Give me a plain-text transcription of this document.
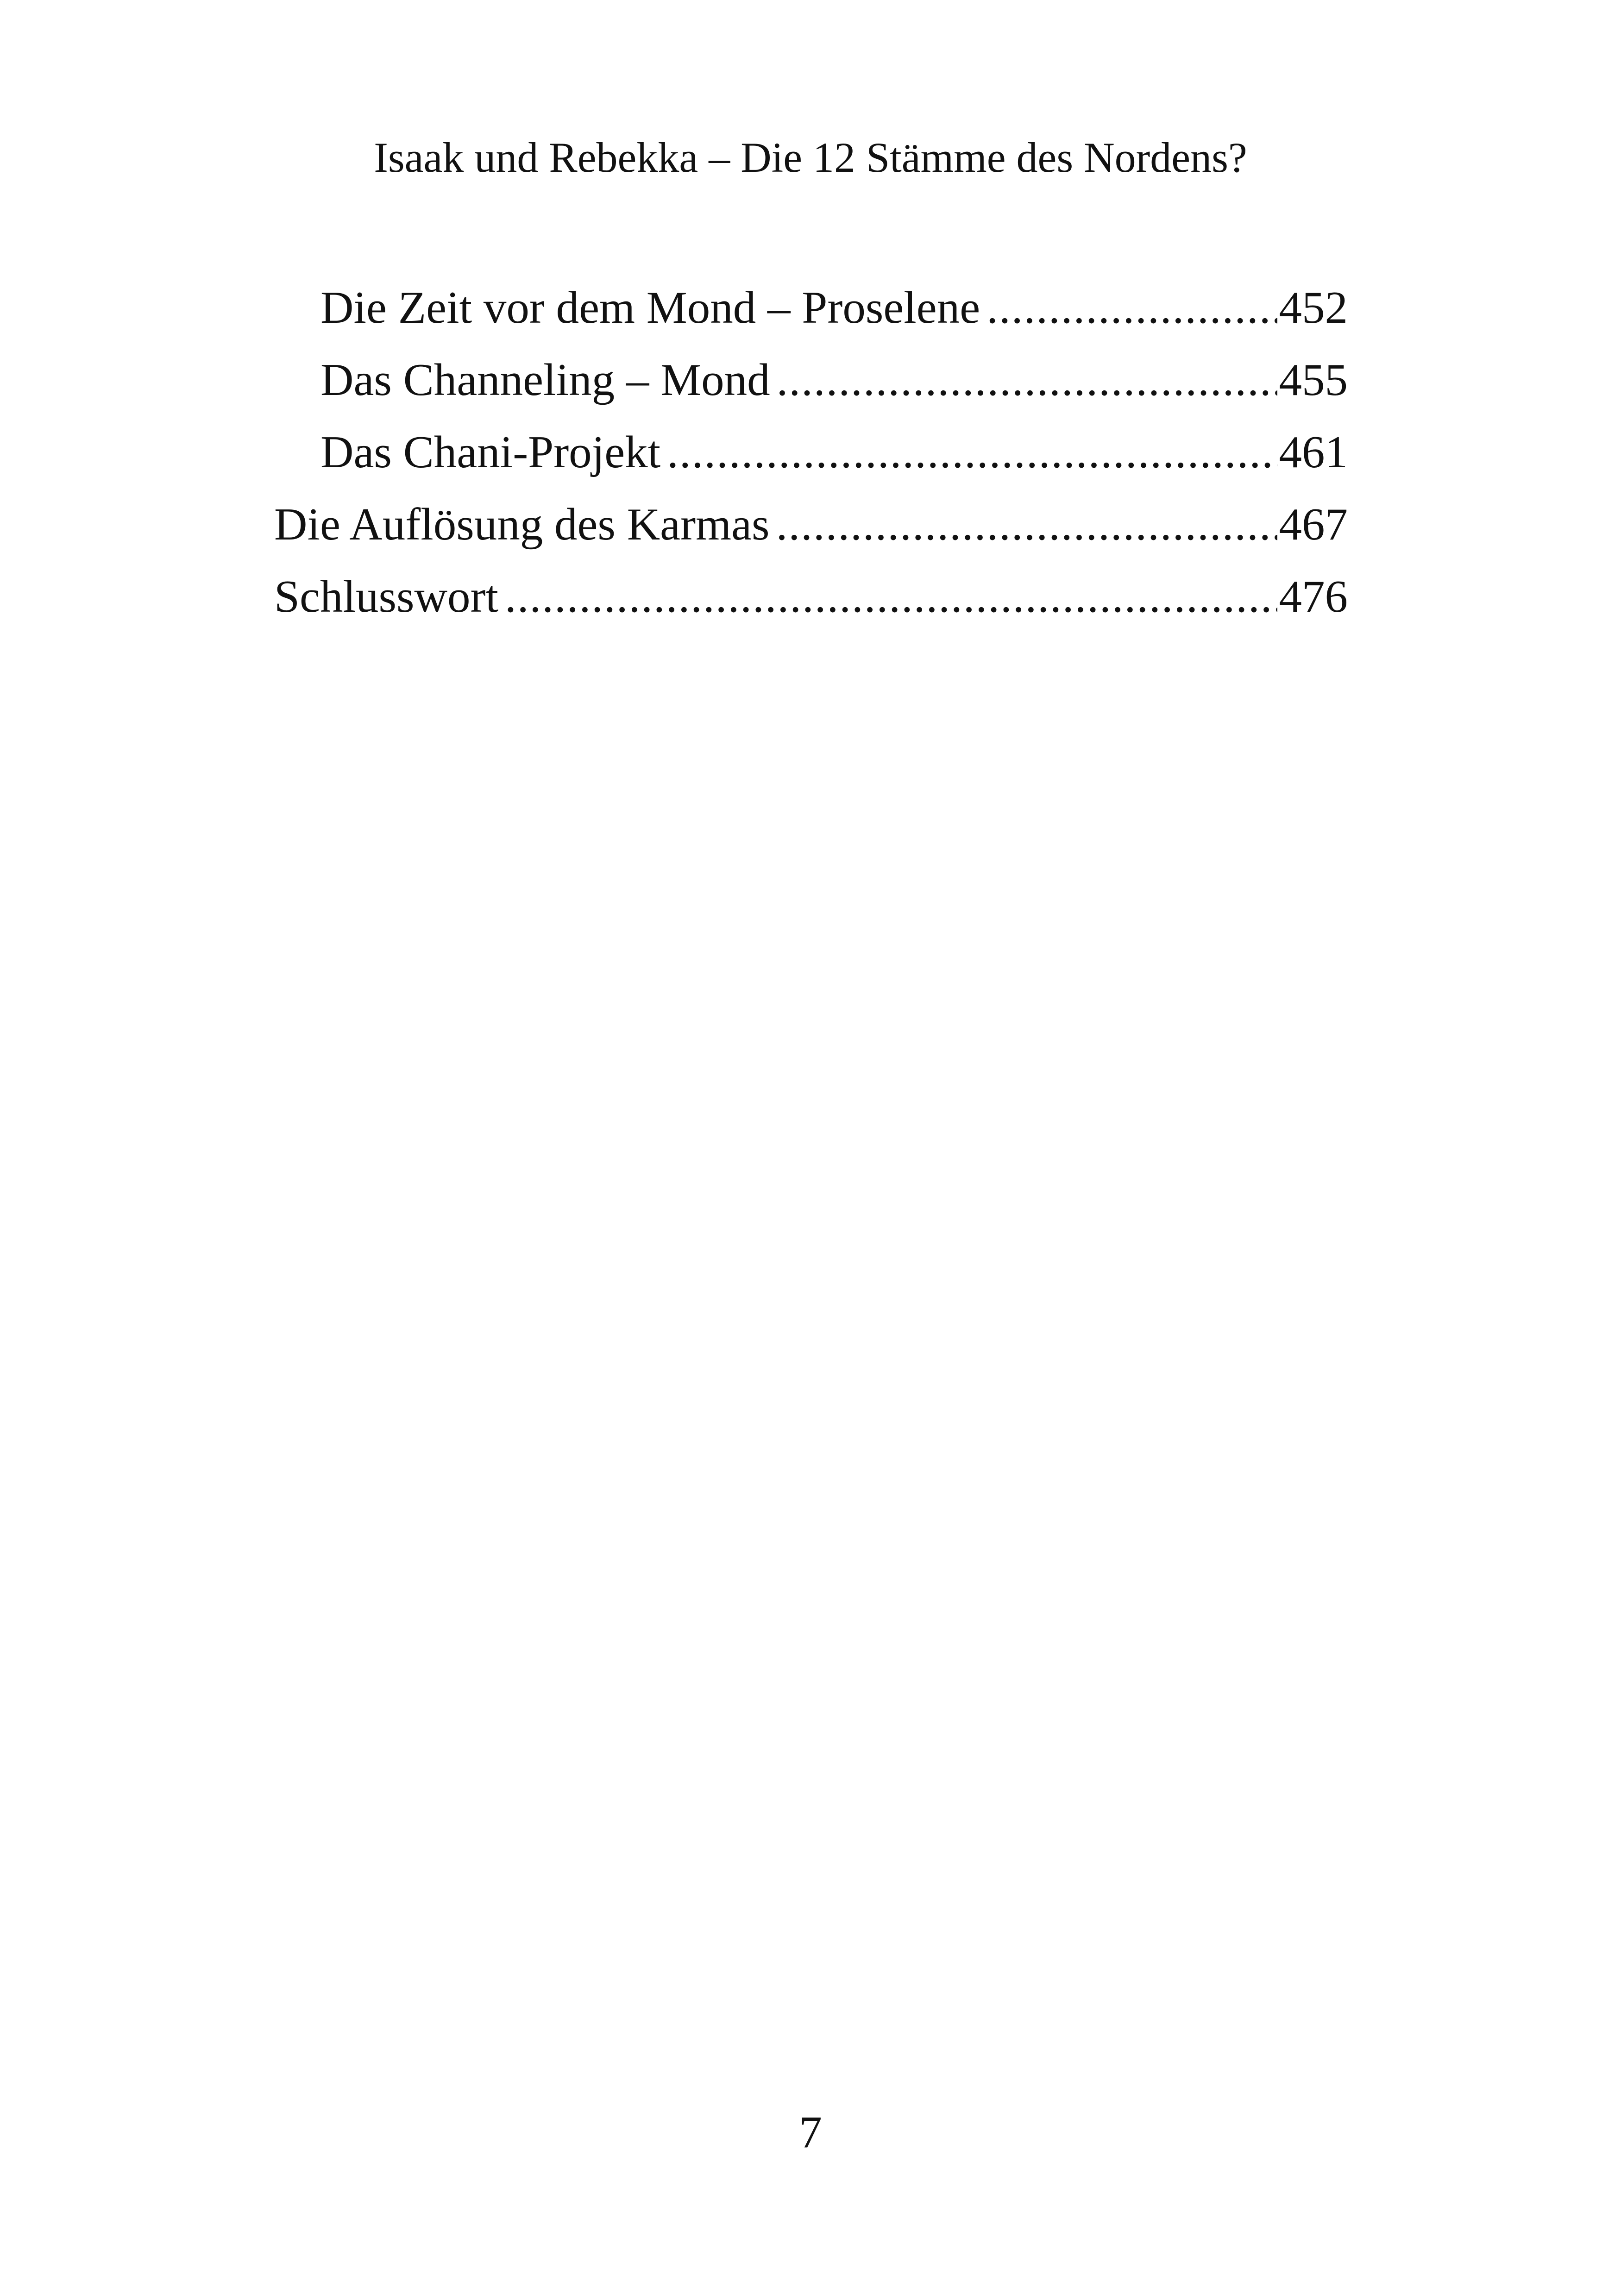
Isaak und Rebekka – Die 12 Stämme des Nordens?
Die Zeit vor dem Mond – Proselene .....	452
Das Channeling – Mond .....	455
Das Chani-Projekt .....	461
Die Auflösung des Karmas .....	467
Schlusswort .....	476
7
